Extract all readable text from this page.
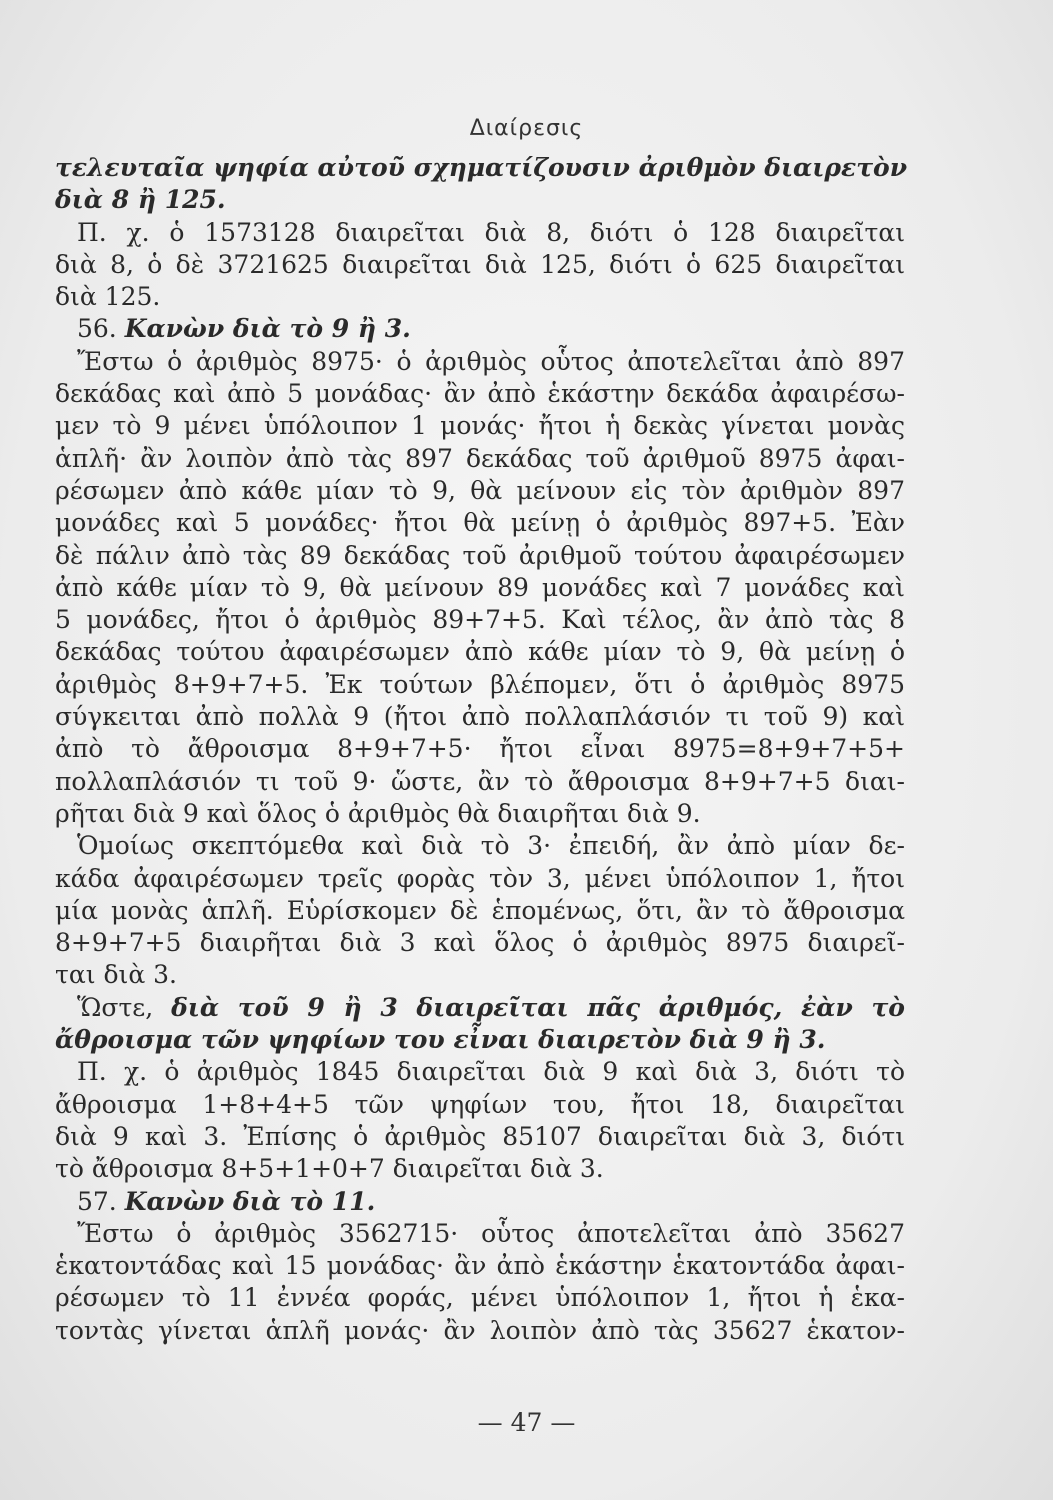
Διαίρεσις
τελευταῖα ψηφία αὐτοῦ σχηματίζουσιν ἀριθμὸν διαιρετὸν
διὰ 8 ἢ 125.
Π. χ. ὁ 1573128 διαιρεῖται διὰ 8, διότι ὁ 128 διαιρεῖται
διὰ 8, ὁ δὲ 3721625 διαιρεῖται διὰ 125, διότι ὁ 625 διαιρεῖται
διὰ 125.
56. Κανὼν διὰ τὸ 9 ἢ 3.
Ἔστω ὁ ἀριθμὸς 8975· ὁ ἀριθμὸς οὗτος ἀποτελεῖται ἀπὸ 897
δεκάδας καὶ ἀπὸ 5 μονάδας· ἂν ἀπὸ ἑκάστην δεκάδα ἀφαιρέσω-
μεν τὸ 9 μένει ὑπόλοιπον 1 μονάς· ἤτοι ἡ δεκὰς γίνεται μονὰς
ἁπλῆ· ἂν λοιπὸν ἀπὸ τὰς 897 δεκάδας τοῦ ἀριθμοῦ 8975 ἀφαι-
ρέσωμεν ἀπὸ κάθε μίαν τὸ 9, θὰ μείνουν εἰς τὸν ἀριθμὸν 897
μονάδες καὶ 5 μονάδες· ἤτοι θὰ μείνῃ ὁ ἀριθμὸς 897+5. Ἐὰν
δὲ πάλιν ἀπὸ τὰς 89 δεκάδας τοῦ ἀριθμοῦ τούτου ἀφαιρέσωμεν
ἀπὸ κάθε μίαν τὸ 9, θὰ μείνουν 89 μονάδες καὶ 7 μονάδες καὶ
5 μονάδες, ἤτοι ὁ ἀριθμὸς 89+7+5. Καὶ τέλος, ἂν ἀπὸ τὰς 8
δεκάδας τούτου ἀφαιρέσωμεν ἀπὸ κάθε μίαν τὸ 9, θὰ μείνῃ ὁ
ἀριθμὸς 8+9+7+5. Ἐκ τούτων βλέπομεν, ὅτι ὁ ἀριθμὸς 8975
σύγκειται ἀπὸ πολλὰ 9 (ἤτοι ἀπὸ πολλαπλάσιόν τι τοῦ 9) καὶ
ἀπὸ τὸ ἄθροισμα 8+9+7+5· ἤτοι εἶναι 8975=8+9+7+5+
πολλαπλάσιόν τι τοῦ 9· ὥστε, ἂν τὸ ἄθροισμα 8+9+7+5 διαι-
ρῆται διὰ 9 καὶ ὅλος ὁ ἀριθμὸς θὰ διαιρῆται διὰ 9.
Ὁμοίως σκεπτόμεθα καὶ διὰ τὸ 3· ἐπειδή, ἂν ἀπὸ μίαν δε-
κάδα ἀφαιρέσωμεν τρεῖς φορὰς τὸν 3, μένει ὑπόλοιπον 1, ἤτοι
μία μονὰς ἁπλῆ. Εὑρίσκομεν δὲ ἑπομένως, ὅτι, ἂν τὸ ἄθροισμα
8+9+7+5 διαιρῆται διὰ 3 καὶ ὅλος ὁ ἀριθμὸς 8975 διαιρεῖ-
ται διὰ 3.
Ὥστε, διὰ τοῦ 9 ἢ 3 διαιρεῖται πᾶς ἀριθμός, ἐὰν τὸ
ἄθροισμα τῶν ψηφίων του εἶναι διαιρετὸν διὰ 9 ἢ 3.
Π. χ. ὁ ἀριθμὸς 1845 διαιρεῖται διὰ 9 καὶ διὰ 3, διότι τὸ
ἄθροισμα 1+8+4+5 τῶν ψηφίων του, ἤτοι 18, διαιρεῖται
διὰ 9 καὶ 3. Ἐπίσης ὁ ἀριθμὸς 85107 διαιρεῖται διὰ 3, διότι
τὸ ἄθροισμα 8+5+1+0+7 διαιρεῖται διὰ 3.
57. Κανὼν διὰ τὸ 11.
Ἔστω ὁ ἀριθμὸς 3562715· οὗτος ἀποτελεῖται ἀπὸ 35627
ἑκατοντάδας καὶ 15 μονάδας· ἂν ἀπὸ ἑκάστην ἑκατοντάδα ἀφαι-
ρέσωμεν τὸ 11 ἐννέα φοράς, μένει ὑπόλοιπον 1, ἤτοι ἡ ἑκα-
τοντὰς γίνεται ἁπλῆ μονάς· ἂν λοιπὸν ἀπὸ τὰς 35627 ἑκατον-
— 47 —
